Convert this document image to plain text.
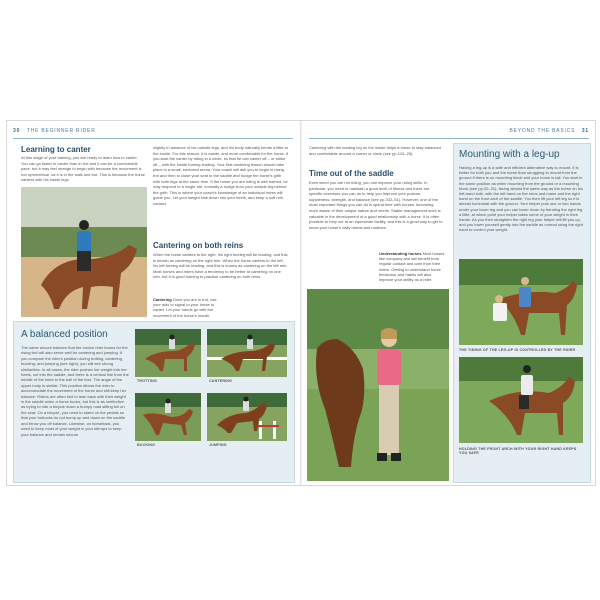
30 THE BEGINNER RIDER
Learning to canter
At this stage of your training, you are ready to learn how to canter. You can go faster in canter than in trot and it can be a comfortable pace, but it may feel strange to begin with because the movement is not symmetrical, as it is in the walk and trot. This is because the horse canters with his inside legs
slightly in advance of his outside legs, and his body naturally bends a little to the inside. For this reason, it is easier, and more comfortable for the horse, if you start the canter by riding in a circle, so that he can canter off – or strike off – with the inside foreleg leading. Your first cantering lesson should take place in a small, enclosed arena. Your coach will ask you to begin in rising trot and then to close your seat to the saddle and nudge the horse's girth with both legs at the same time. If the horse you are riding is well trained, he may respond to a single aid, normally a nudge from your outside leg behind the girth. This is where your coach's knowledge of an individual horse will guide you. Let your weight sink down into your heels, and keep a soft rein contact.
Cantering on both reins
When the horse canters to the right, his right foreleg will be leading, and this is known as cantering on the right rein. When the horse canters to the left, his left foreleg will be leading, and this is known as cantering on the left rein. Most horses and riders have a tendency to be better at cantering on one rein, but it is good training to practise cantering on both reins.
Cantering Once you are in trot, use your aids to signal to your horse to canter. Let your hands go with the movement of the horse's mouth.
A balanced position
The same secure balance that the novice rider learns for the rising trot will also serve well for cantering and jumping. If you compare the rider's position during trotting, cantering, bucking, and jumping (see right), you will see strong similarities. In all cases, the rider pushes her weight into her heels, not into the saddle, and there is a vertical line from the middle of the knee to the ball of the foot. The angle of the upper body is similar. This position allows the rider to accommodate the movement of the horse and still keep her balance. Riders are often told to lean back with their weight in the saddle when a horse bucks, but this is as ineffective as trying to ride a bicycle down a bumpy road sitting full on the seat. On a bicycle, you need to stand on the pedals so that your buttocks do not bump up and down on the saddle and throw you off balance. Likewise, on horseback, you need to keep most of your weight in your stirrups to keep your balance and remain secure.
TROTTING	CANTERING
BUCKING	JUMPING
BEYOND THE BASICS 31
Cantering with the leading leg on the inside helps a horse to stay balanced and comfortable around a corner or circle (see pp.124–25).
Time out of the saddle
Even when you are not riding, you can improve your riding skills. In particular, you need to maintain a good level of fitness and there are specific exercises you can do to help you improve your posture, suppleness, strength, and balance (see pp.332–51). However, one of the most important things you can do is spend time with horses, becoming more aware of their unique nature and needs. Stable-management work is valuable in the development of a good relationship with a horse. It is often possible to help out at an equestrian facility, and this is a good way to get to know your horse's daily needs and routines.
Understanding horses Most horses like company and will benefit from regular contact and care from their riders. Getting to understand horse behaviour and habits will also improve your ability as a rider.
Mounting with a leg-up
Having a leg-up is a safe and efficient alternative way to mount. It is better for both you and the horse than struggling to mount from the ground if there is no mounting block and your horse is tall. You start in the same position as when mounting from the ground or a mounting block (see pp.20–21), facing almost the same way as the horse on his left-hand side, with the left hand on the reins and mane and the right hand on the front arch of the saddle. You then lift your left leg so it is almost horizontal with the ground. Your helper puts one or two hands under your lower leg and you can lower down by bending the right leg a little, at which point your helper takes some of your weight in their hands. As you then straighten the right leg your helper will lift you up, and you lower yourself gently into the saddle as normal using the right hand to control your weight.
THE TIMING OF THE LEG-UP IS CONTROLLED BY THE RIDER
HOLDING THE FRONT ARCH WITH YOUR RIGHT HAND KEEPS YOU SAFE
